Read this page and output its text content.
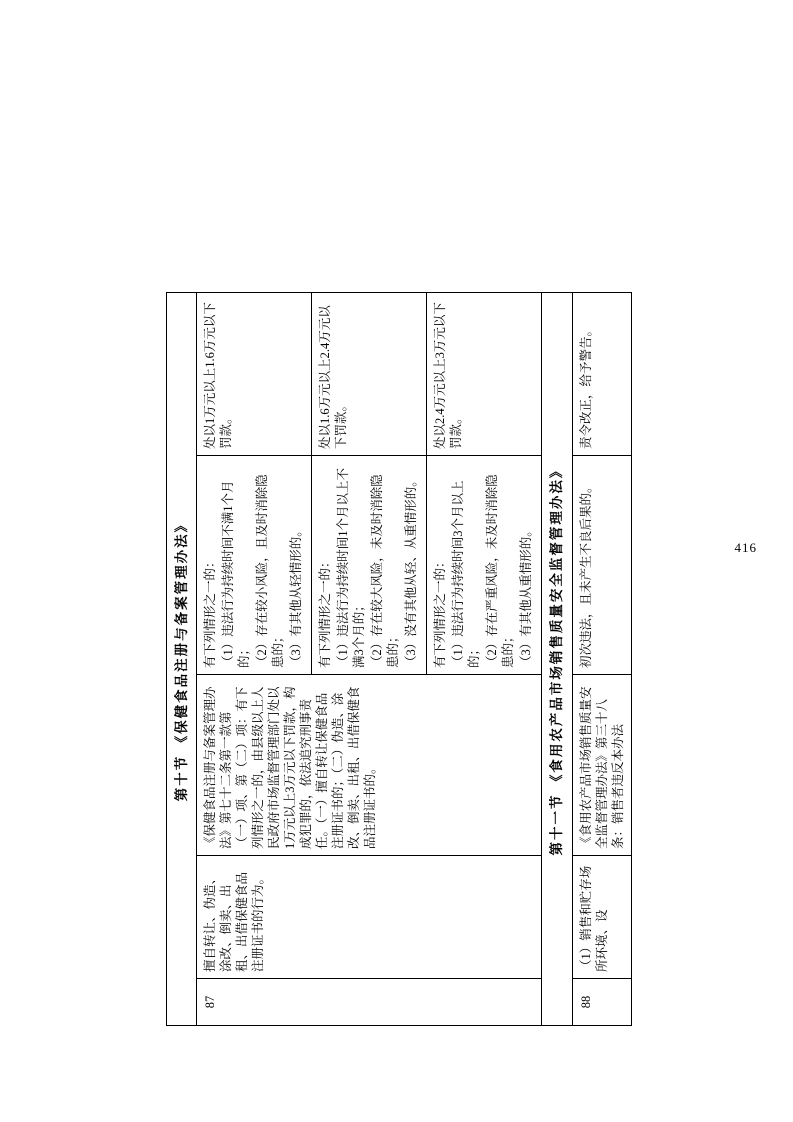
416
第十节 《保健食品注册与备案管理办法》				
87	擅自转让、伪造、涂改、倒卖、出租、出借保健食品注册证书的行为。	《保健食品注册与备案管理办法》第七十二条第一款第（一）项、第（二）项：有下列情形之一的，由县级以上人民政府市场监督管理部门处以1万元以上3万元以下罚款，构成犯罪的，依法追究刑事责任。（一）擅自转让保健食品注册证书的；（二）伪造、涂改、倒卖、出租、出借保健食品注册证书的。	有下列情形之一的： （1）违法行为持续时间不满1个月的； （2）存在较小风险，且及时消除隐患的； （3）有其他从轻情形的。	处以1万元以上1.6万元以下罚款。

			有下列情形之一的： （1）违法行为持续时间1个月以上不满3个月的； （2）存在较大风险，未及时消除隐患的； （3）没有其他从轻、从重情形的。	处以1.6万元以上2.4万元以下罚款。

			有下列情形之一的： （1）违法行为持续时间3个月以上的； （2）存在严重风险，未及时消除隐患的； （3）有其他从重情形的。	处以2.4万元以上3万元以下罚款。
第十一节 《食用农产品市场销售质量安全监督管理办法》				
88	（1）销售和贮存场所环境、设	《食用农产品市场销售质量安全监督管理办法》第三十八条：销售者违反本办法	初次违法，且未产生不良后果的。	责令改正，给予警告。
